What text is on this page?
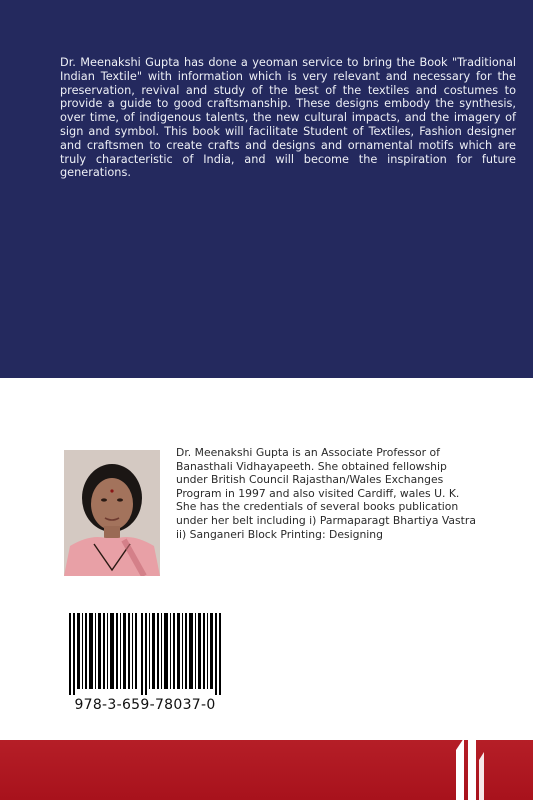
Dr. Meenakshi Gupta has done a yeoman service to bring the Book "Traditional Indian Textile" with information which is very relevant and necessary for the preservation, revival and study of the best of the textiles and costumes to provide a guide to good craftsmanship. These designs embody the synthesis, over time, of indigenous talents, the new cultural impacts, and the imagery of sign and symbol. This book will facilitate Student of Textiles, Fashion designer and craftsmen to create crafts and designs and ornamental motifs which are truly characteristic of India, and will become the inspiration for future generations.

Dr. Meenakshi Gupta is an Associate Professor of Banasthali Vidhayapeeth. She obtained fellowship under British Council Rajasthan/Wales Exchanges Program in 1997 and also visited Cardiff, wales U. K. She has the credentials of several books publication under her belt including i) Parmaparagt Bhartiya Vastra ii) Sanganeri Block Printing: Designing

978-3-659-78037-0
